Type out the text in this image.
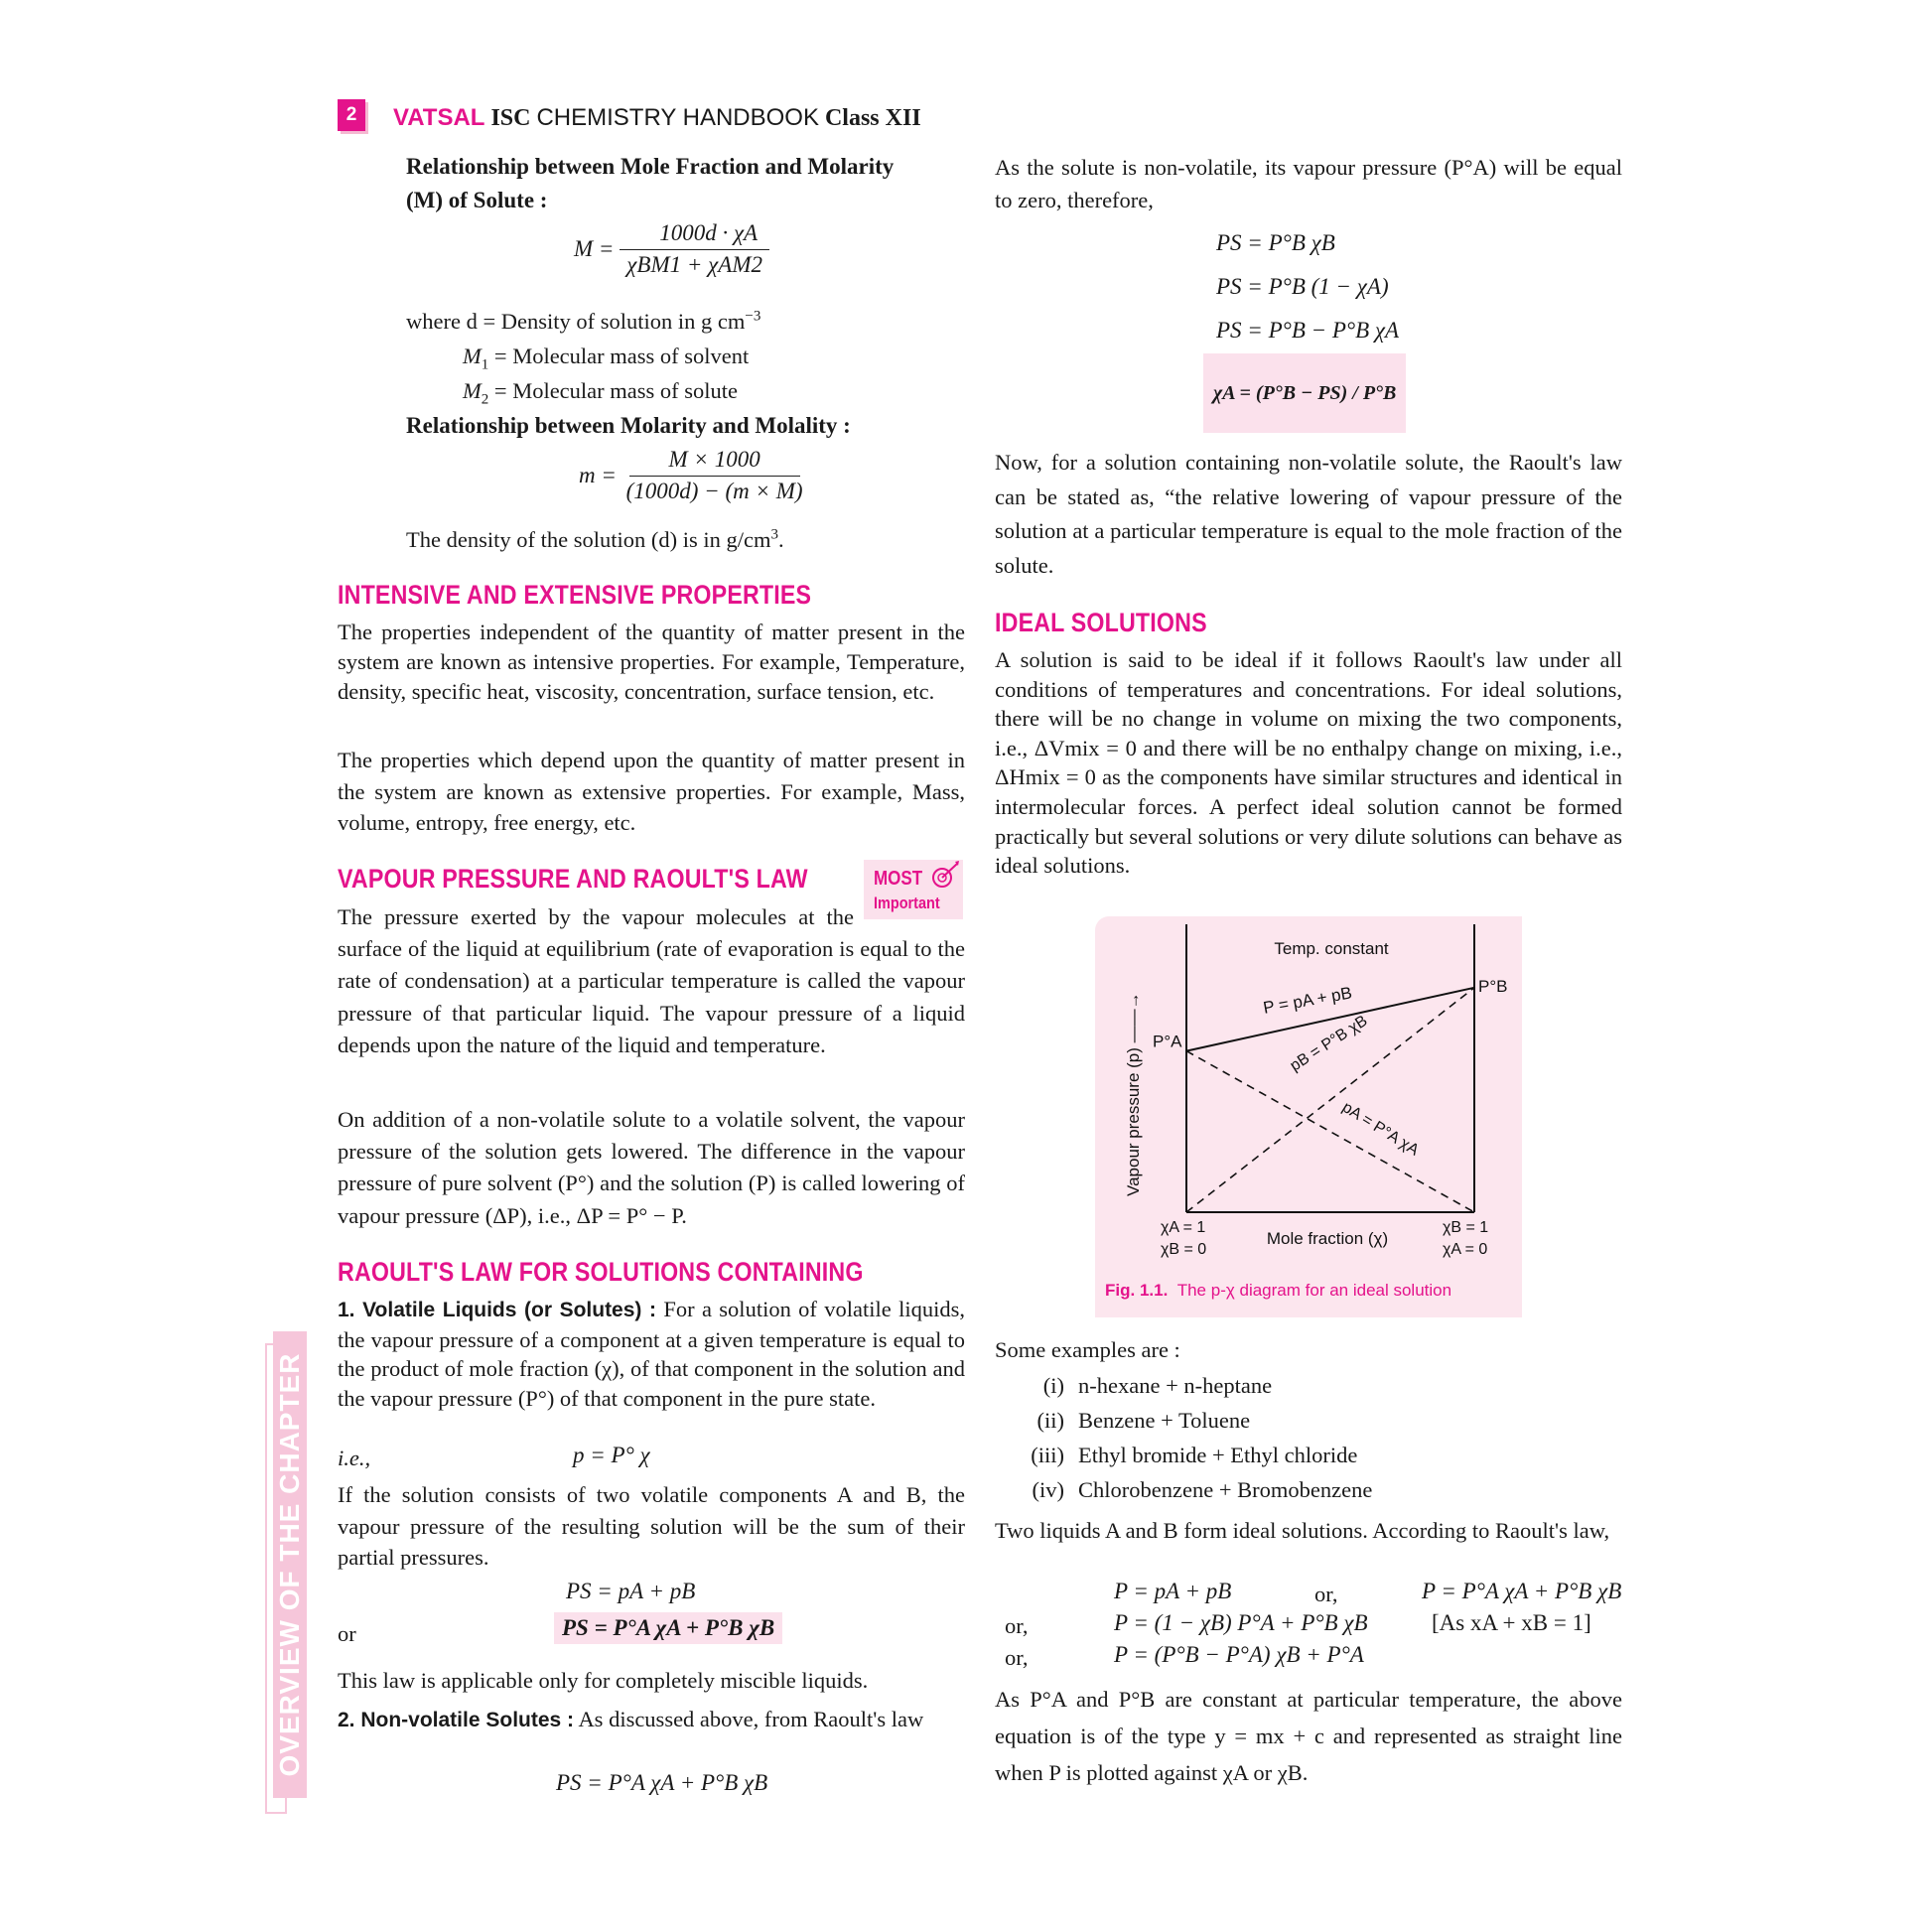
2	VATSAL ISC CHEMISTRY HANDBOOK Class XII
OVERVIEW OF THE CHAPTER
Relationship between Mole Fraction and Molarity
(M) of Solute :
$M = \frac{1000d \cdot \chi A}{\text{χBM1 + χAM2}}$
where d = Density of solution in g $cm^{-3}$
$M_1$ = Molecular mass of solvent
$M_2$ = Molecular mass of solute
Relationship between Molarity and Molality :
$m = \frac{M \times 1000}{(1000d) - (m \times M)}$
The density of the solution (d) is in $g/cm^3$.
INTENSIVE AND EXTENSIVE PROPERTIES
The properties independent of the quantity of matter present in the system are known as intensive properties. For example, Temperature, density, specific heat, viscosity, concentration, surface tension, etc.
The properties which depend upon the quantity of matter present in the system are known as extensive properties. For example, Mass, volume, entropy, free energy, etc.
VAPOUR PRESSURE AND RAOULT'S LAW	MOST
Important
The pressure exerted by the vapour molecules at the surface of the liquid at equilibrium (rate of evaporation is equal to the rate of condensation) at a particular temperature is called the vapour pressure of that particular liquid. The vapour pressure of a liquid depends upon the nature of the liquid and temperature.
On addition of a non-volatile solute to a volatile solvent, the vapour pressure of the solution gets lowered. The difference in the vapour pressure of pure solvent (P°) and the solution (P) is called lowering of vapour pressure (ΔP), i.e., ΔP = P° − P.
RAOULT'S LAW FOR SOLUTIONS CONTAINING
1. Volatile Liquids (or Solutes) : For a solution of volatile liquids, the vapour pressure of a component at a given temperature is equal to the product of mole fraction (χ), of that component in the solution and the vapour pressure (P°) of that component in the pure state.
i.e.,	p = P° χ
If the solution consists of two volatile components A and B, the vapour pressure of the resulting solution will be the sum of their partial pressures.
PS = pA + pB
or	PS = P°A χA + P°B χB
This law is applicable only for completely miscible liquids.
2. Non-volatile Solutes : As discussed above, from Raoult's law
PS = P°A χA + P°B χB
As the solute is non-volatile, its vapour pressure (P°A) will be equal to zero, therefore,
PS = P°B χB
PS = P°B (1 − χA)
PS = P°B − P°B χA
χA = (P°B − PS) / P°B
Now, for a solution containing non-volatile solute, the Raoult's law can be stated as, “the relative lowering of vapour pressure of the solution at a particular temperature is equal to the mole fraction of the solute.
IDEAL SOLUTIONS
A solution is said to be ideal if it follows Raoult's law under all conditions of temperatures and concentrations. For ideal solutions, there will be no change in volume on mixing the two components, i.e., ΔVmix = 0 and there will be no enthalpy change on mixing, i.e., ΔHmix = 0 as the components have similar structures and identical in intermolecular forces. A perfect ideal solution cannot be formed practically but several solutions or very dilute solutions can behave as ideal solutions.
Temp. constant
Vapour pressure (p) ——→	P = pA + pB
pB = P°B χB
pA = P°A χA
P°A
P°B
χA = 1
χB = 0
Mole fraction (χ)
χB = 1
χA = 0
Fig. 1.1. The p-χ diagram for an ideal solution
Some examples are :
(i) n-hexane + n-heptane
(ii) Benzene + Toluene
(iii) Ethyl bromide + Ethyl chloride
(iv) Chlorobenzene + Bromobenzene
Two liquids A and B form ideal solutions. According to Raoult's law,
P = pA + pB	or,	P = P°A χA + P°B χB
or,	P = (1 − χB) P°A + P°B χB	[As xA + xB = 1]
or,	P = (P°B − P°A) χB + P°A
As P°A and P°B are constant at particular temperature, the above equation is of the type y = mx + c and represented as straight line when P is plotted against χA or χB.
